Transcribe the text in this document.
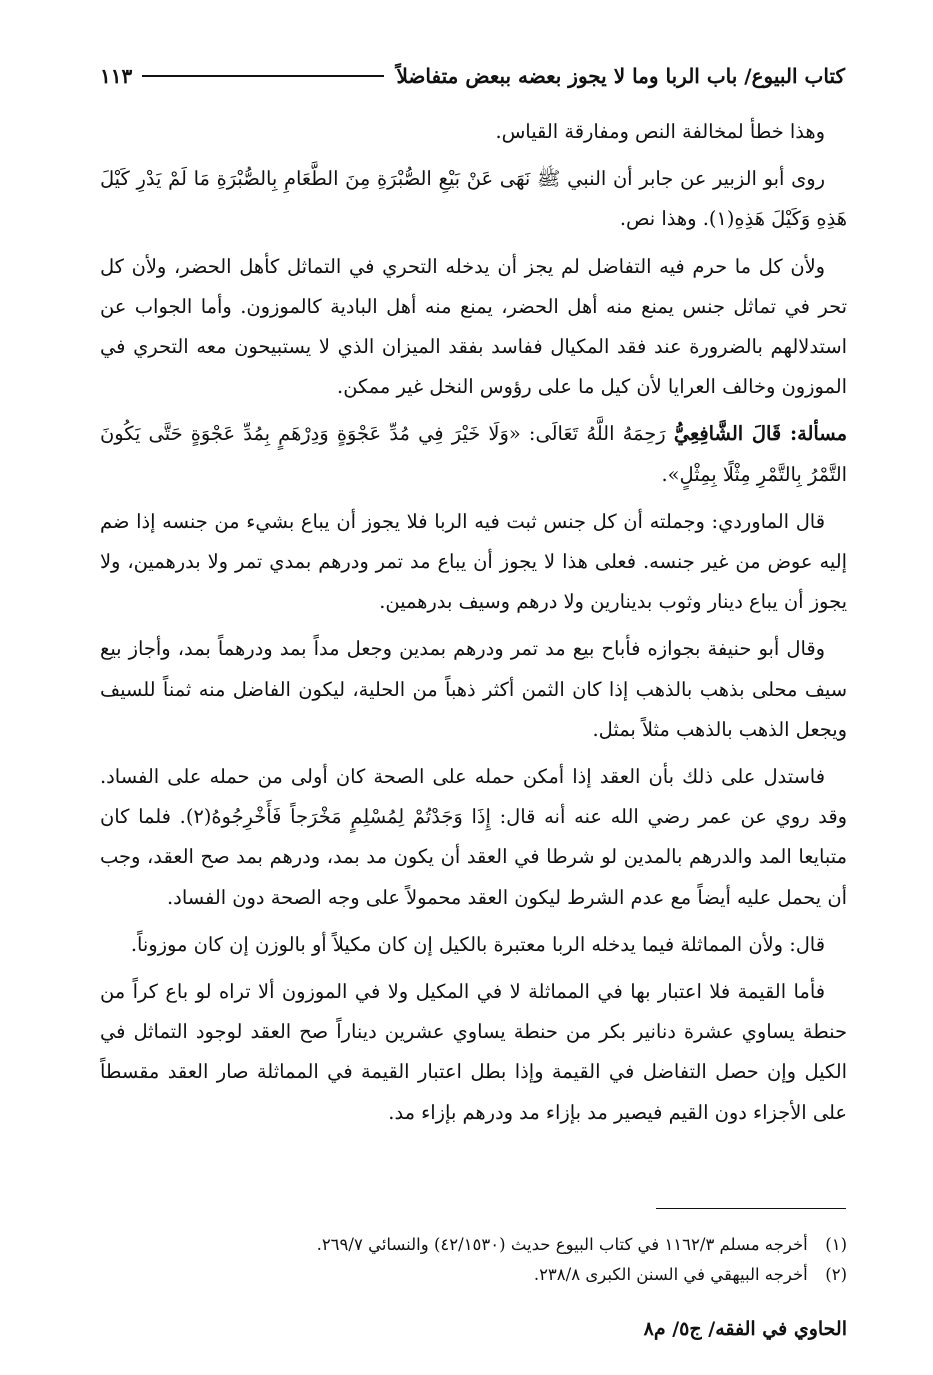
كتاب البيوع/ باب الربا وما لا يجوز بعضه ببعض متفاضلاً
١١٣

وهذا خطأ لمخالفة النص ومفارقة القياس.

روى أبو الزبير عن جابر أن النبي ﷺ نَهَى عَنْ بَيْعِ الصُّبْرَةِ مِنَ الطَّعَامِ بِالصُّبْرَةِ مَا لَمْ يَدْرِ كَيْلَ هَذِهِ وَكَيْلَ هَذِهِ(١). وهذا نص.

ولأن كل ما حرم فيه التفاضل لم يجز أن يدخله التحري في التماثل كأهل الحضر، ولأن كل تحر في تماثل جنس يمنع منه أهل الحضر، يمنع منه أهل البادية كالموزون. وأما الجواب عن استدلالهم بالضرورة عند فقد المكيال ففاسد بفقد الميزان الذي لا يستبيحون معه التحري في الموزون وخالف العرايا لأن كيل ما على رؤوس النخل غير ممكن.

مسألة: قَالَ الشَّافِعِيُّ رَحِمَهُ اللَّهُ تَعَالَى: «وَلَا خَيْرَ فِي مُدِّ عَجْوَةٍ وَدِرْهَمٍ بِمُدِّ عَجْوَةٍ حَتَّى يَكُونَ التَّمْرُ بِالتَّمْرِ مِثْلًا بِمِثْلٍ».

قال الماوردي: وجملته أن كل جنس ثبت فيه الربا فلا يجوز أن يباع بشيء من جنسه إذا ضم إليه عوض من غير جنسه. فعلى هذا لا يجوز أن يباع مد تمر ودرهم بمدي تمر ولا بدرهمين، ولا يجوز أن يباع دينار وثوب بدينارين ولا درهم وسيف بدرهمين.

وقال أبو حنيفة بجوازه فأباح بيع مد تمر ودرهم بمدين وجعل مداً بمد ودرهماً بمد، وأجاز بيع سيف محلى بذهب بالذهب إذا كان الثمن أكثر ذهباً من الحلية، ليكون الفاضل منه ثمناً للسيف ويجعل الذهب بالذهب مثلاً بمثل.

فاستدل على ذلك بأن العقد إذا أمكن حمله على الصحة كان أولى من حمله على الفساد. وقد روي عن عمر رضي الله عنه أنه قال: إِذَا وَجَدْتُمْ لِمُسْلِمٍ مَخْرَجاً فَأَخْرِجُوهُ(٢). فلما كان متبايعا المد والدرهم بالمدين لو شرطا في العقد أن يكون مد بمد، ودرهم بمد صح العقد، وجب أن يحمل عليه أيضاً مع عدم الشرط ليكون العقد محمولاً على وجه الصحة دون الفساد.

قال: ولأن المماثلة فيما يدخله الربا معتبرة بالكيل إن كان مكيلاً أو بالوزن إن كان موزوناً.

فأما القيمة فلا اعتبار بها في المماثلة لا في المكيل ولا في الموزون ألا تراه لو باع كراً من حنطة يساوي عشرة دنانير بكر من حنطة يساوي عشرين ديناراً صح العقد لوجود التماثل في الكيل وإن حصل التفاضل في القيمة وإذا بطل اعتبار القيمة في المماثلة صار العقد مقسطاً على الأجزاء دون القيم فيصير مد بإزاء مد ودرهم بإزاء مد.

(١) أخرجه مسلم ١١٦٢/٣ في كتاب البيوع حديث (٤٢/١٥٣٠) والنسائي ٢٦٩/٧.

(٢) أخرجه البيهقي في السنن الكبرى ٢٣٨/٨.

الحاوي في الفقه/ ج٥/ م٨
